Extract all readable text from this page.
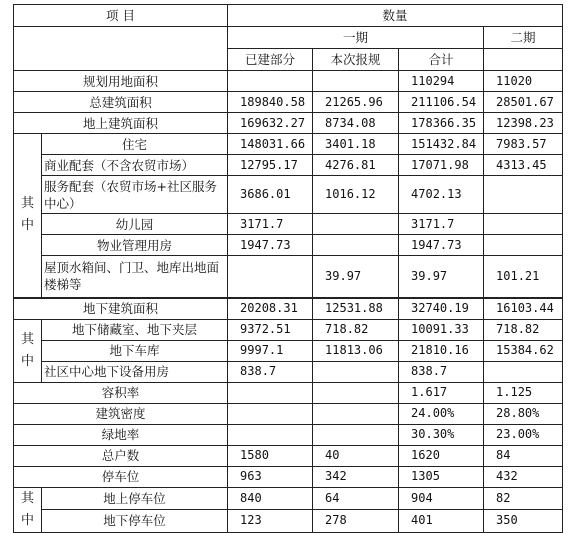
项 目		数量			
		一期			二期
		已建部分	本次报规	合计	
规划用地面积				110294	11020
总建筑面积		189840.58	21265.96	211106.54	28501.67
地上建筑面积		169632.27	8734.08	178366.35	12398.23
其中	住宅	148031.66	3401.18	151432.84	7983.57
	商业配套（不含农贸市场）	12795.17	4276.81	17071.98	4313.45
	服务配套（农贸市场+社区服务中心）	3686.01	1016.12	4702.13	
	幼儿园	3171.7		3171.7	
	物业管理用房	1947.73		1947.73	
	屋顶水箱间、门卫、地库出地面楼梯等		39.97	39.97	101.21
地下建筑面积		20208.31	12531.88	32740.19	16103.44
其中	地下储藏室、地下夹层	9372.51	718.82	10091.33	718.82
	地下车库	9997.1	11813.06	21810.16	15384.62
	社区中心地下设备用房	838.7		838.7	
容积率				1.617	1.125
建筑密度				24.00%	28.80%
绿地率				30.30%	23.00%
总户数		1580	40	1620	84
停车位		963	342	1305	432
其中	地上停车位	840	64	904	82
	地下停车位	123	278	401	350
